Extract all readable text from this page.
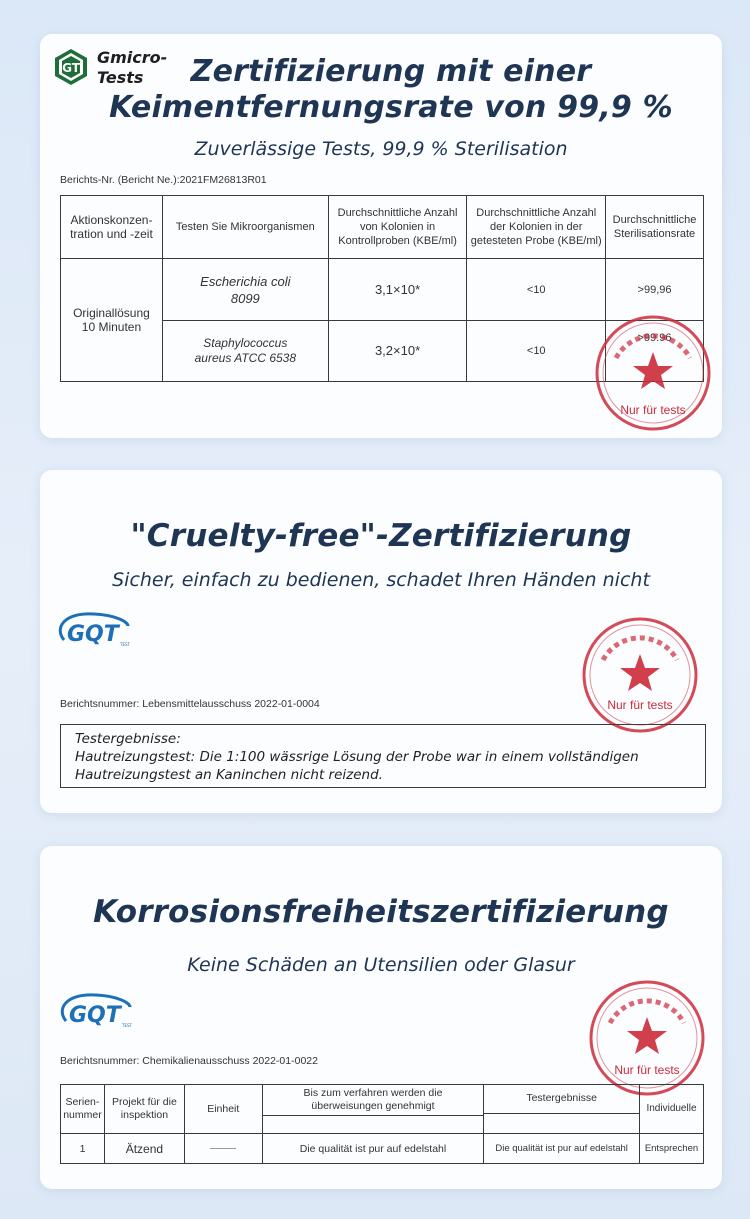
GT
Gmicro-
Tests	Zertifizierung mit einer
Keimentfernungsrate von 99,9 %
Zuverlässige Tests, 99,9 % Sterilisation
Berichts-Nr. (Bericht Ne.):2021FM26813R01
Aktionskonzen-tration und -zeit	Testen Sie Mikroorganismen	Durchschnittliche Anzahl von Kolonien in Kontrollproben (KBE/ml)	Durchschnittliche Anzahl der Kolonien in der getesteten Probe (KBE/ml)	Durchschnittliche Sterilisationsrate
Originallösung 10 Minuten	Escherichia coli 8099	3,1×10*	<10	>99,96
	Staphylococcus aureus ATCC 6538	3,2×10*	<10	>99.96
Nur für tests
"Cruelty-free"-Zertifizierung
Sicher, einfach zu bedienen, schadet Ihren Händen nicht
GQT TEST
Nur für tests
Berichtsnummer: Lebensmittelausschuss 2022-01-0004
Testergebnisse:
Hautreizungstest: Die 1:100 wässrige Lösung der Probe war in einem vollständigen
Hautreizungstest an Kaninchen nicht reizend.
Korrosionsfreiheitszertifizierung
Keine Schäden an Utensilien oder Glasur
GQT TEST
Nur für tests
Berichtsnummer: Chemikalienausschuss 2022-01-0022
Serien-nummer	Projekt für die inspektion	Einheit	Bis zum verfahren werden die überweisungen genehmigt	Testergebnisse	Individuelle
1	Ätzend		Die qualität ist pur auf edelstahl	Die qualität ist pur auf edelstahl	Entsprechen
